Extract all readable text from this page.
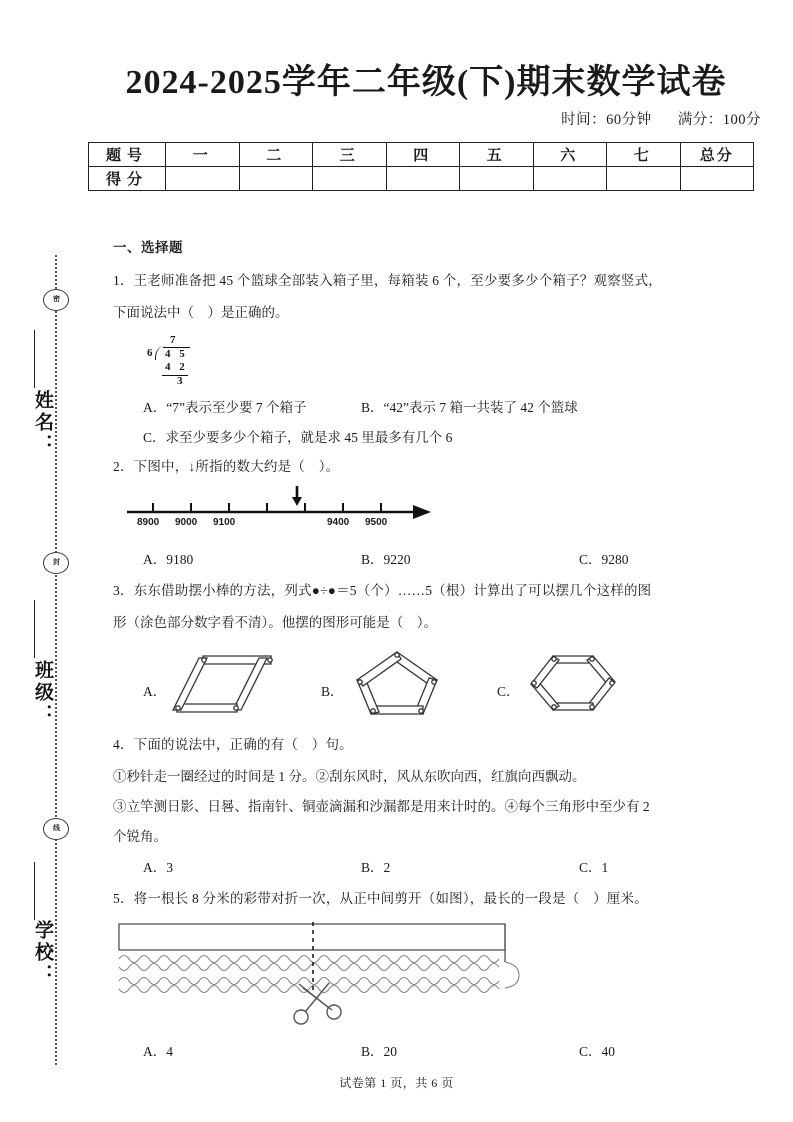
密
封
线
姓名：
班级：
学校：
2024-2025学年二年级(下)期末数学试卷
时间：60分钟 满分：100分
题号	一	二	三	四	五	六	七	总分
得分								
一、选择题
1．王老师准备把 45 个篮球全部装入箱子里，每箱装 6 个，至少要多少个箱子？观察竖式，
下面说法中（　）是正确的。
7
6 4 5
4 2
3
A．“7”表示至少要 7 个箱子	B．“42”表示 7 箱一共装了 42 个篮球
C．求至少要多少个箱子，就是求 45 里最多有几个 6
2．下图中，↓所指的数大约是（　）。
8900 9000 9100	9400 9500
A．9180	B．9220	C．9280
3．东东借助摆小棒的方法，列式●÷●＝5（个）……5（根）计算出了可以摆几个这样的图
形（涂色部分数字看不清）。他摆的图形可能是（　）。
A．	B．	C．
4．下面的说法中，正确的有（　）句。
①秒针走一圈经过的时间是 1 分。②刮东风时，风从东吹向西，红旗向西飘动。
③立竿测日影、日晷、指南针、铜壶滴漏和沙漏都是用来计时的。④每个三角形中至少有 2
个锐角。
A．3	B．2	C．1
5．将一根长 8 分米的彩带对折一次，从正中间剪开（如图），最长的一段是（　）厘米。
A．4	B．20	C．40
试卷第 1 页，共 6 页
